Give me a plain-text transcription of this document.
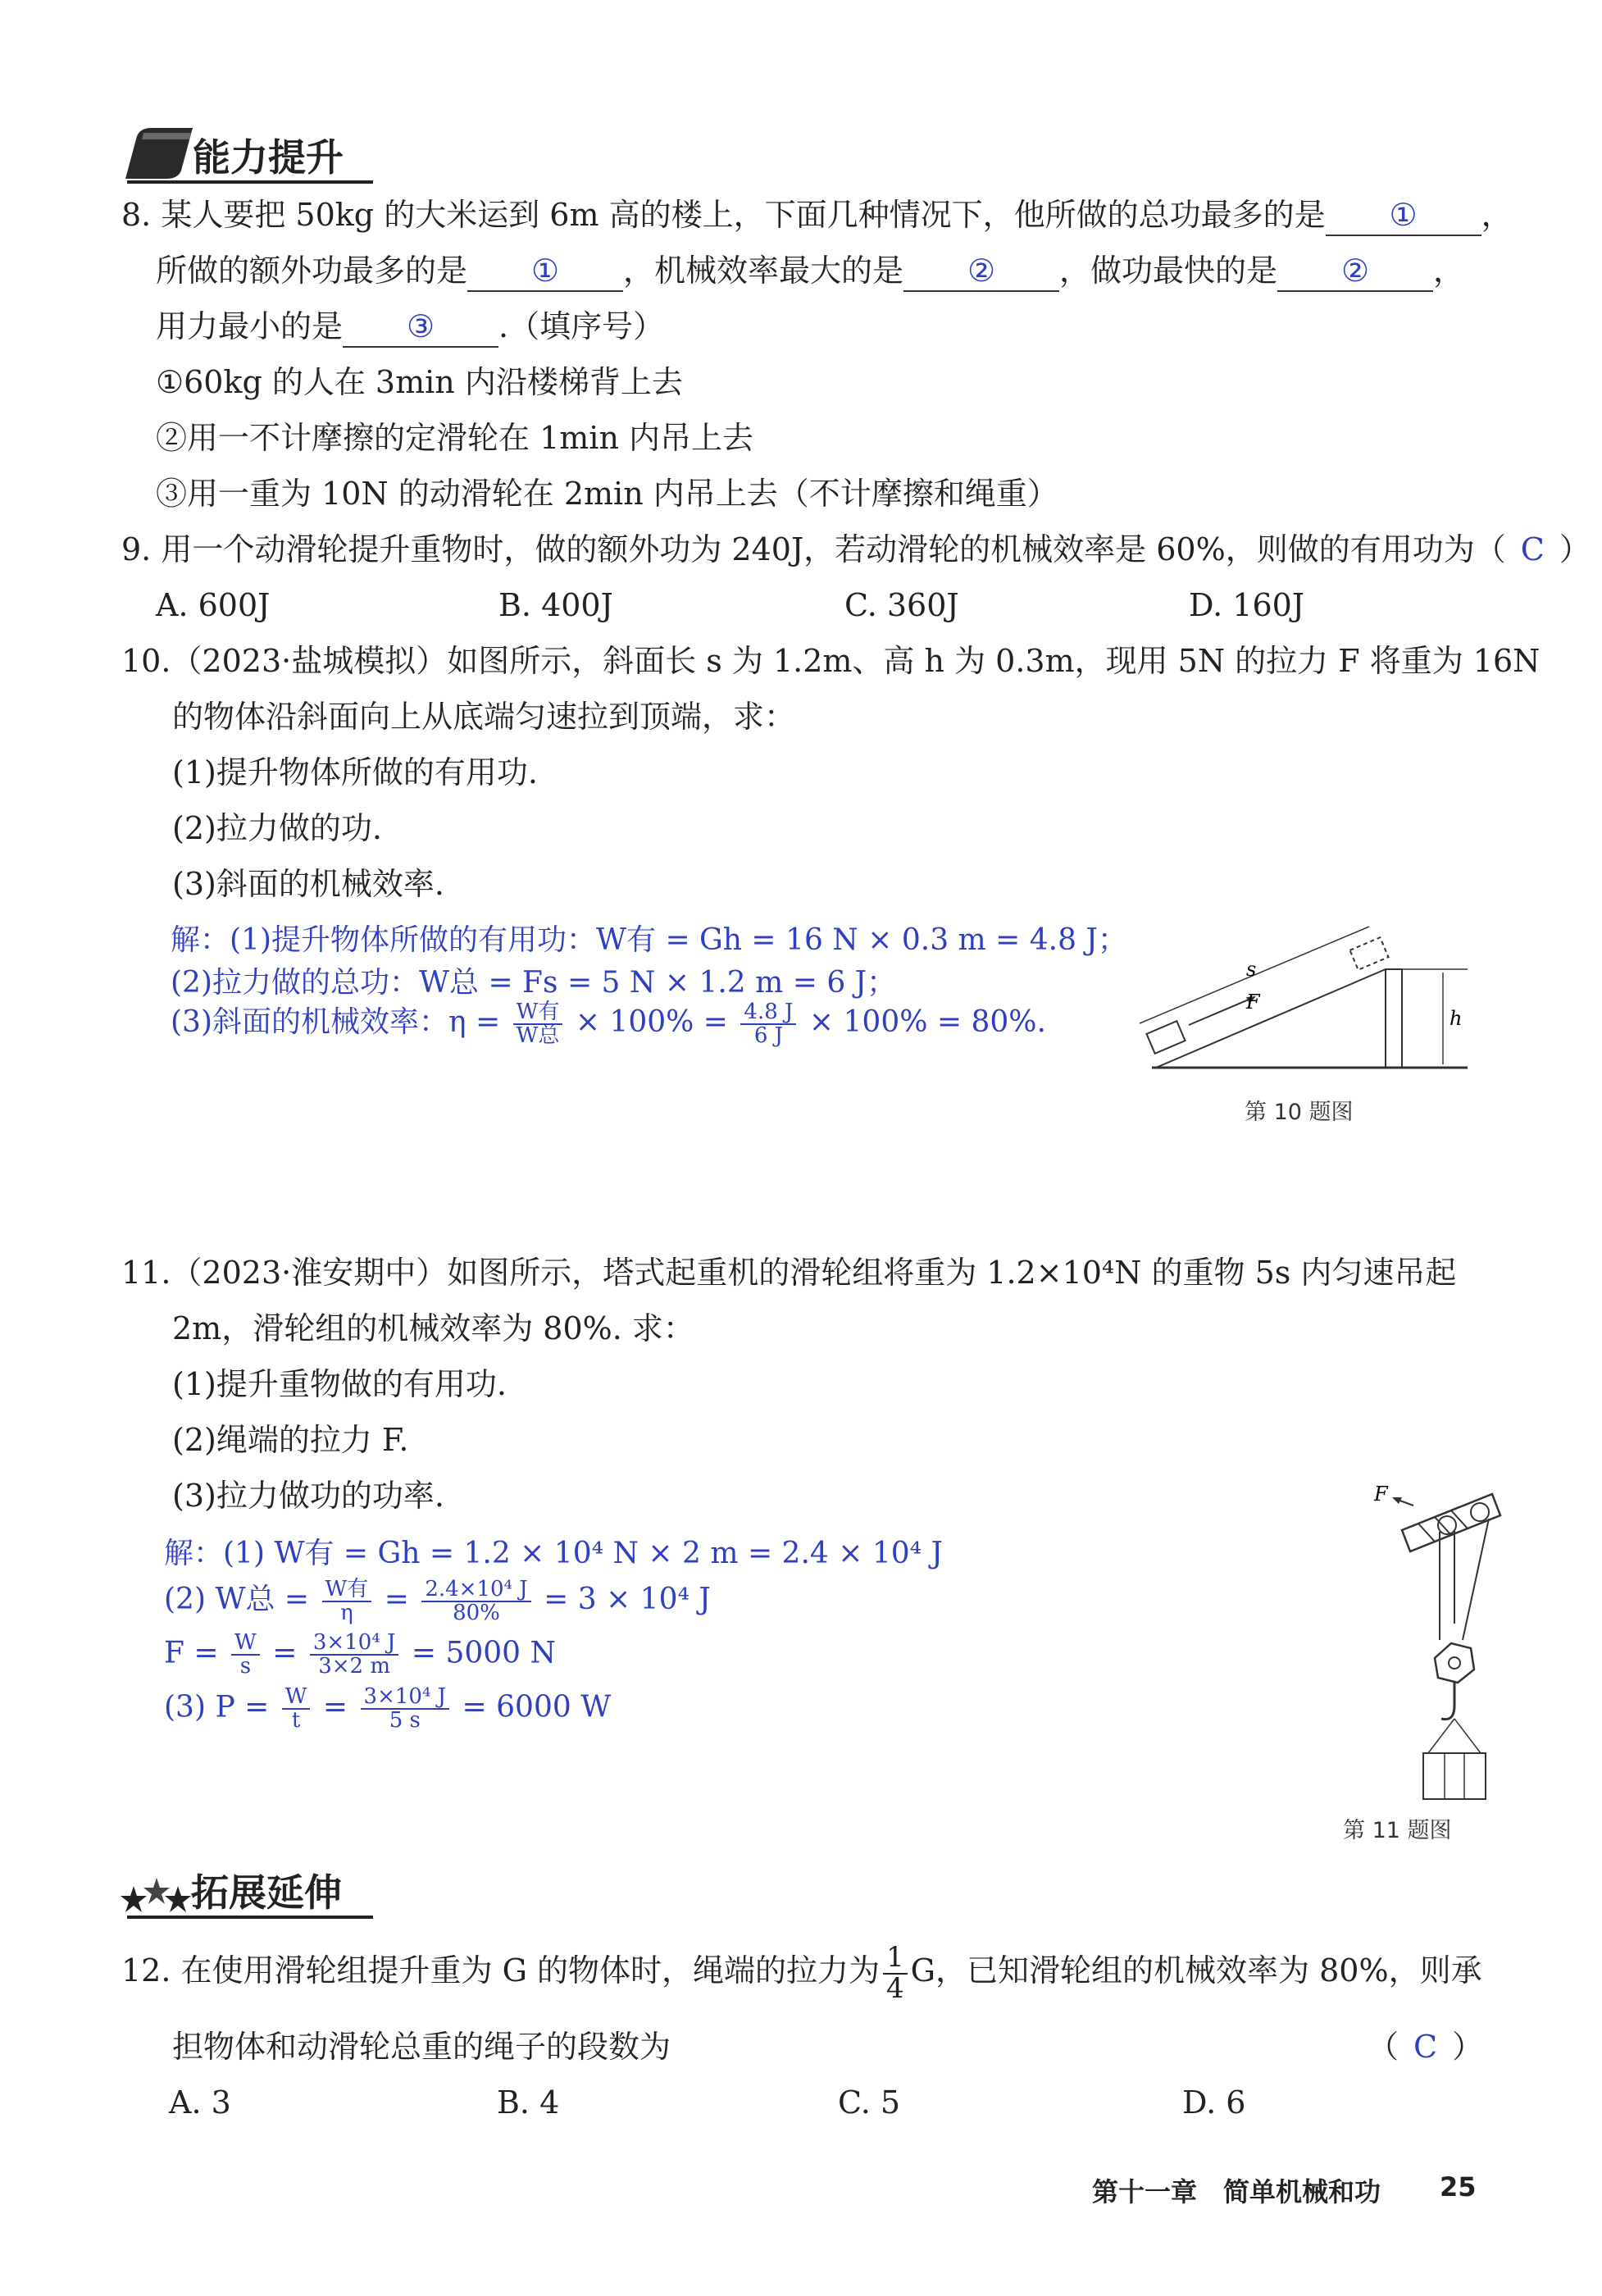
能力提升
8. 某人要把 50kg 的大米运到 6m 高的楼上，下面几种情况下，他所做的总功最多的是 ① ，
所做的额外功最多的是 ① ，机械效率最大的是 ② ，做功最快的是 ② ，
用力最小的是 ③ .（填序号）
①60kg 的人在 3min 内沿楼梯背上去
②用一不计摩擦的定滑轮在 1min 内吊上去
③用一重为 10N 的动滑轮在 2min 内吊上去（不计摩擦和绳重）
9. 用一个动滑轮提升重物时，做的额外功为 240J，若动滑轮的机械效率是 60%，则做的有用功为（ C ）
A. 600J	B. 400J	C. 360J	D. 160J
10.（2023·盐城模拟）如图所示，斜面长 s 为 1.2m、高 h 为 0.3m，现用 5N 的拉力 F 将重为 16N
的物体沿斜面向上从底端匀速拉到顶端，求：
(1)提升物体所做的有用功.
(2)拉力做的功.
(3)斜面的机械效率.
解：(1)提升物体所做的有用功：W有 = Gh = 16 N × 0.3 m = 4.8 J；
(2)拉力做的总功：W总 = Fs = 5 N × 1.2 m = 6 J；
(3)斜面的机械效率：$\eta = \frac{\text{W有}}{\text{W总}} \times 100\% = \frac{4.8 J}{6 J} \times 100\% = 80\%$.
s
F
h
第 10 题图
11.（2023·淮安期中）如图所示，塔式起重机的滑轮组将重为 1.2×10⁴N 的重物 5s 内匀速吊起
2m，滑轮组的机械效率为 80%. 求：
(1)提升重物做的有用功.
(2)绳端的拉力 F.
(3)拉力做功的功率.
解：(1) W有 = Gh = 1.2 × 10⁴ N × 2 m = 2.4 × 10⁴ J
(2) W总 = $\frac{\text{W有}}{\eta} = \frac{\text{2.4×10⁴ J}}{80\%} = 3 \times 10^4$ J
$F = \frac{W}{s} = \frac{\text{3×10⁴ J}}{3\times 2 m} = 5000$ N
(3) $P = \frac{W}{t} = \frac{\text{3×10⁴ J}}{5 s} = 6000$ W
F
第 11 题图
拓展延伸
12. 在使用滑轮组提升重为 G 的物体时，绳端的拉力为 $\frac{1}{4}$ G，已知滑轮组的机械效率为 80%，则承
担物体和动滑轮总重的绳子的段数为	（ C ）
A. 3	B. 4	C. 5	D. 6
第十一章　简单机械和功 25
